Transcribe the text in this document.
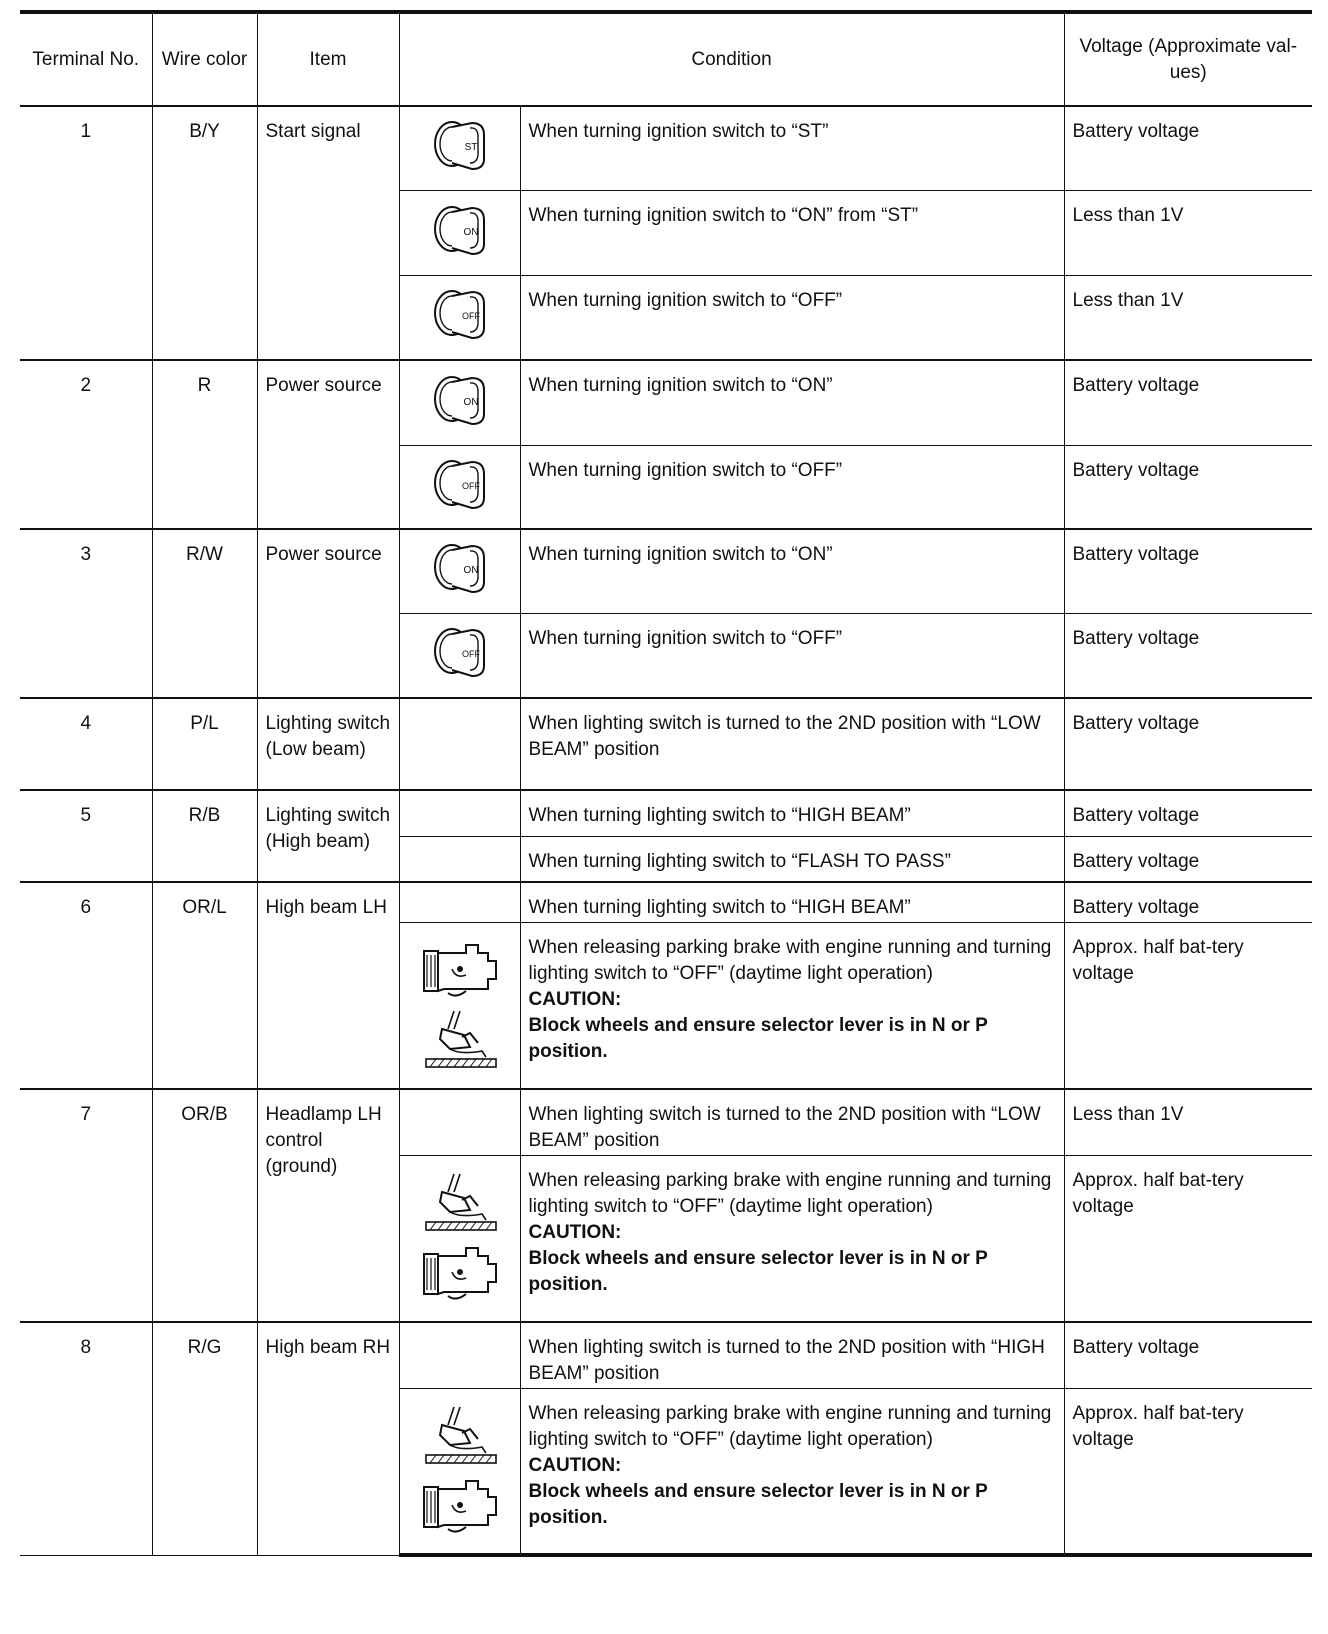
Terminal No.	Wire color	Item	Condition		Voltage (Approximate val-ues)
1	B/Y	Start signal	ST	When turning ignition switch to “ST”	Battery voltage

ON	When turning ignition switch to “ON” from “ST”	Less than 1V

OFF	When turning ignition switch to “OFF”	Less than 1V
2	R	Power source	ON	When turning ignition switch to “ON”	Battery voltage

OFF	When turning ignition switch to “OFF”	Battery voltage
3	R/W	Power source	ON	When turning ignition switch to “ON”	Battery voltage

OFF	When turning ignition switch to “OFF”	Battery voltage
4	P/L	Lighting switch (Low beam)		When lighting switch is turned to the 2ND position with “LOW BEAM” position	Battery voltage
5	R/B	Lighting switch (High beam)		When turning lighting switch to “HIGH BEAM”	Battery voltage

				When turning lighting switch to “FLASH TO PASS”	Battery voltage
6	OR/L	High beam LH		When turning lighting switch to “HIGH BEAM”	Battery voltage

When releasing parking brake with engine running and turning lighting switch to “OFF” (daytime light operation)
CAUTION:
Block wheels and ensure selector lever is in N or P position.	Approx. half bat-tery voltage
7	OR/B	Headlamp LH control (ground)		When lighting switch is turned to the 2ND position with “LOW BEAM” position	Less than 1V

When releasing parking brake with engine running and turning lighting switch to “OFF” (daytime light operation)
CAUTION:
Block wheels and ensure selector lever is in N or P position.	Approx. half bat-tery voltage
8	R/G	High beam RH		When lighting switch is turned to the 2ND position with “HIGH BEAM” position	Battery voltage

When releasing parking brake with engine running and turning lighting switch to “OFF” (daytime light operation)
CAUTION:
Block wheels and ensure selector lever is in N or P position.	Approx. half bat-tery voltage
